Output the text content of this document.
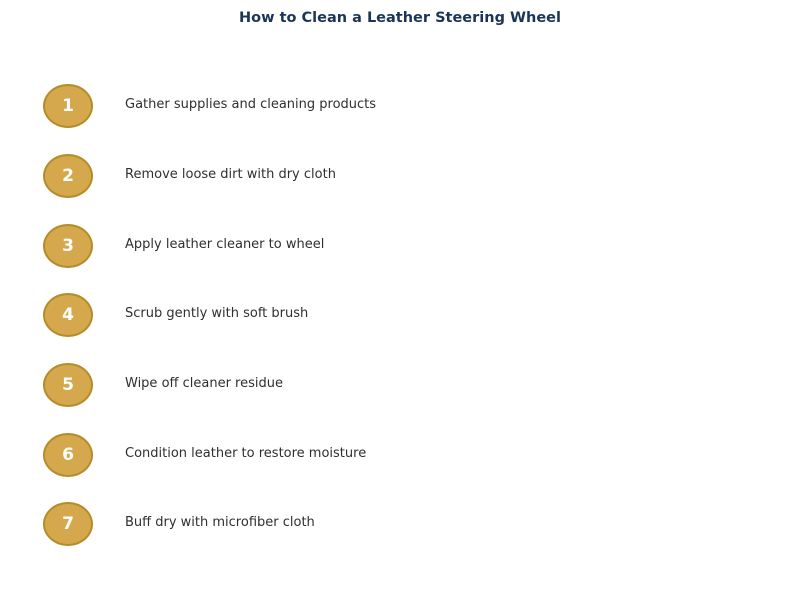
How to Clean a Leather Steering Wheel
1	Gather supplies and cleaning products
2	Remove loose dirt with dry cloth
3	Apply leather cleaner to wheel
4	Scrub gently with soft brush
5	Wipe off cleaner residue
6	Condition leather to restore moisture
7	Buff dry with microfiber cloth
